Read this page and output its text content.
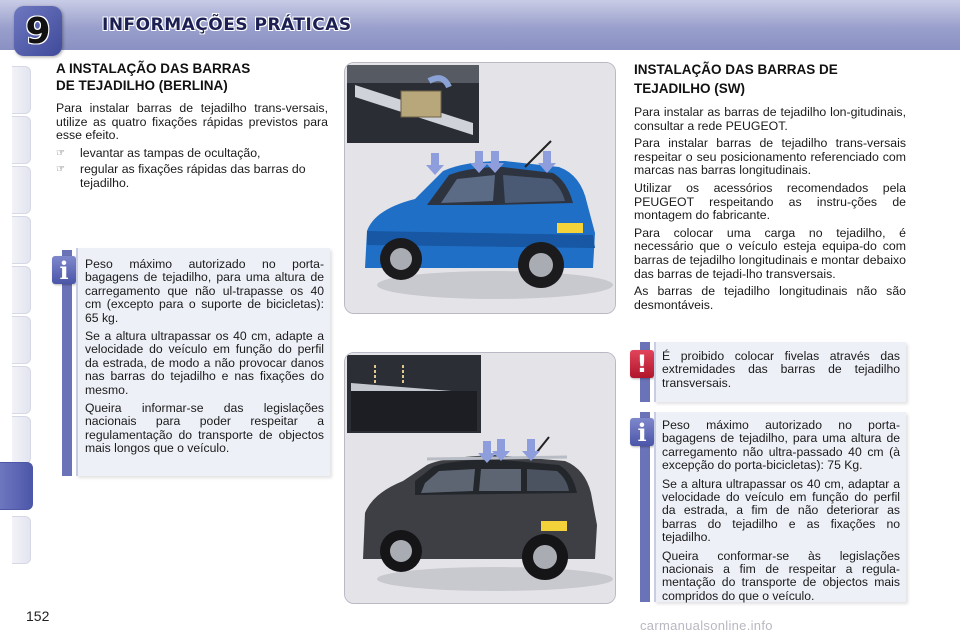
9	INFORMAÇÕES PRÁTICAS
A INSTALAÇÃO DAS BARRAS
DE TEJADILHO (BERLINA)

Para instalar barras de tejadilho trans-versais, utilize as quatro fixações rápidas previstos para esse efeito.

☞	levantar as tampas de ocultação,
☞	regular as fixações rápidas das barras do tejadilho.
i	Peso máximo autorizado no porta-bagagens de tejadilho, para uma altura de carregamento que não ul-trapasse os 40 cm (excepto para o suporte de bicicletas): 65 kg.

Se a altura ultrapassar os 40 cm, adapte a velocidade do veículo em função do perfil da estrada, de modo a não provocar danos nas barras do tejadilho e nas fixações do mesmo.

Queira informar-se das legislações nacionais para poder respeitar a regulamentação do transporte de objectos mais longos que o veículo.

INSTALAÇÃO DAS BARRAS DE
TEJADILHO (SW)

Para instalar as barras de tejadilho lon-gitudinais, consultar a rede PEUGEOT.

Para instalar barras de tejadilho trans-versais respeitar o seu posicionamento referenciado com marcas nas barras longitudinais.

Utilizar os acessórios recomendados pela PEUGEOT respeitando as instru-ções de montagem do fabricante.

Para colocar uma carga no tejadilho, é necessário que o veículo esteja equipa-do com barras de tejadilho longitudinais e montar debaixo das barras de tejadi-lho transversais.

As barras de tejadilho longitudinais não são desmontáveis.

!	É proibido colocar fivelas através das extremidades das barras de tejadilho transversais.

i	Peso máximo autorizado no porta-bagagens de tejadilho, para uma altura de carregamento não ultra-passado 40 cm (à excepção do porta-bicicletas): 75 Kg.

Se a altura ultrapassar os 40 cm, adaptar a velocidade do veículo em função do perfil da estrada, a fim de não deteriorar as barras do tejadilho e as fixações no tejadilho.

Queira conformar-se às legislações nacionais a fim de respeitar a regula-mentação do transporte de objectos mais compridos do que o veículo.

152
carmanualsonline.info
